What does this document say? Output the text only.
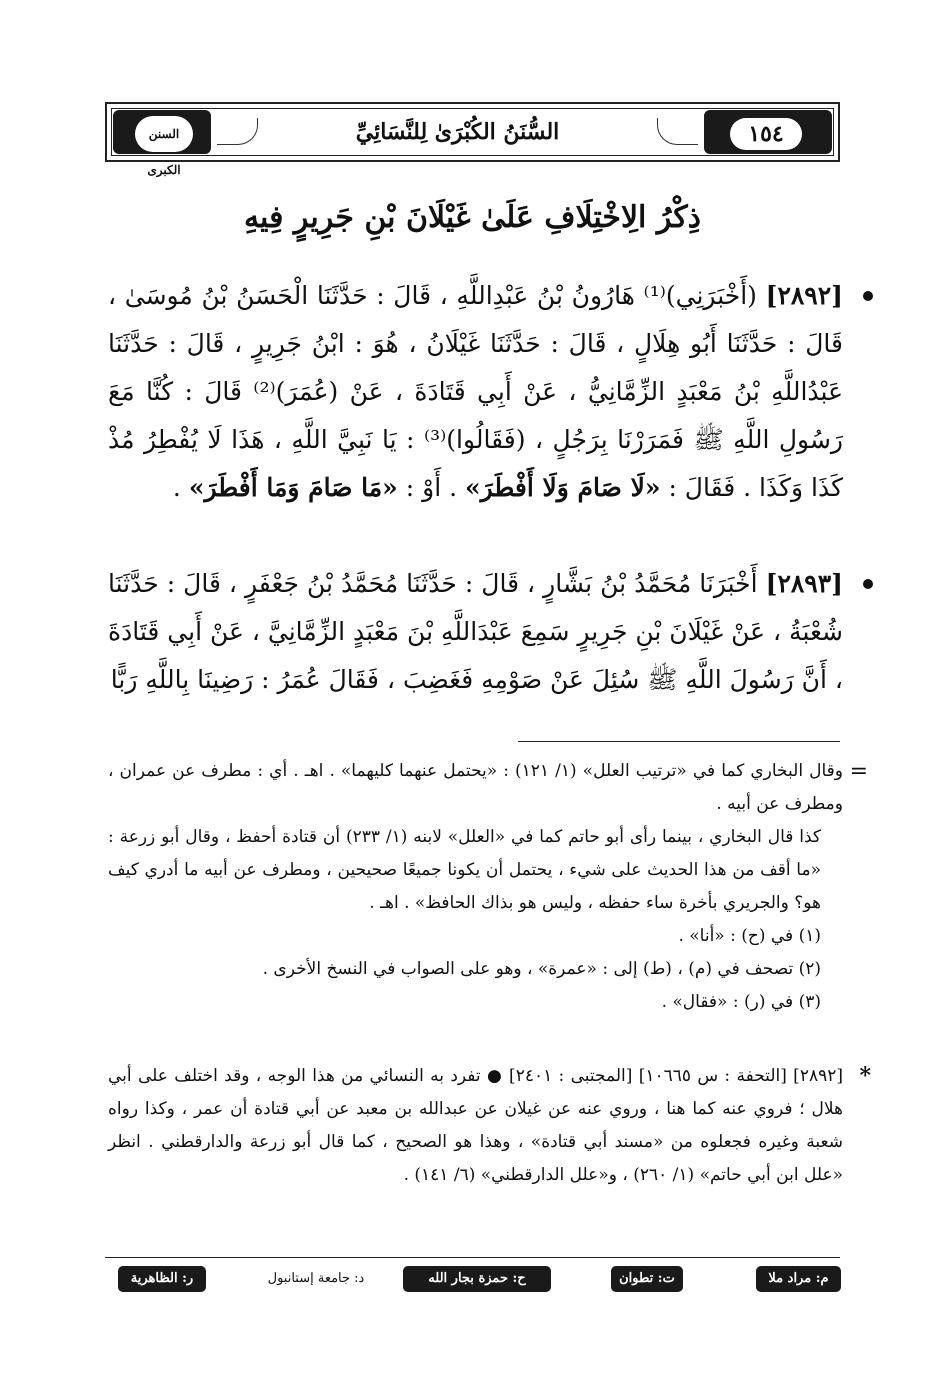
١٥٤
السُّنَنُ الكُبْرَىٰ لِلنَّسَائِيِّ
السنن الكبرى
ذِكْرُ الِاخْتِلَافِ عَلَىٰ غَيْلَانَ بْنِ جَرِيرٍ فِيهِ
[٢٨٩٢] (أَخْبَرَنِي)⁽¹⁾ هَارُونُ بْنُ عَبْدِاللَّهِ ، قَالَ : حَدَّثَنَا الْحَسَنُ بْنُ مُوسَىٰ ، قَالَ : حَدَّثَنَا أَبُو هِلَالٍ ، قَالَ : حَدَّثَنَا غَيْلَانُ ، هُوَ : ابْنُ جَرِيرٍ ، قَالَ : حَدَّثَنَا عَبْدُاللَّهِ بْنُ مَعْبَدٍ الزِّمَّانِيُّ ، عَنْ أَبِي قَتَادَةَ ، عَنْ (عُمَرَ)⁽²⁾ قَالَ : كُنَّا مَعَ رَسُولِ اللَّهِ ﷺ فَمَرَرْنَا بِرَجُلٍ ، (فَقَالُوا)⁽³⁾ : يَا نَبِيَّ اللَّهِ ، هَذَا لَا يُفْطِرُ مُذْ كَذَا وَكَذَا . فَقَالَ : «لَا صَامَ وَلَا أَفْطَرَ» . أَوْ : «مَا صَامَ وَمَا أَفْطَرَ» .
[٢٨٩٣] أَخْبَرَنَا مُحَمَّدُ بْنُ بَشَّارٍ ، قَالَ : حَدَّثَنَا مُحَمَّدُ بْنُ جَعْفَرٍ ، قَالَ : حَدَّثَنَا شُعْبَةُ ، عَنْ غَيْلَانَ بْنِ جَرِيرٍ سَمِعَ عَبْدَاللَّهِ بْنَ مَعْبَدٍ الزِّمَّانِيَّ ، عَنْ أَبِي قَتَادَةَ ، أَنَّ رَسُولَ اللَّهِ ﷺ سُئِلَ عَنْ صَوْمِهِ فَغَضِبَ ، فَقَالَ عُمَرُ : رَضِينَا بِاللَّهِ رَبًّا
=

وقال البخاري كما في «ترتيب العلل» (١/ ١٢١) : «يحتمل عنهما كليهما» . اهـ . أي : مطرف عن عمران ، ومطرف عن أبيه .

كذا قال البخاري ، بينما رأى أبو حاتم كما في «العلل» لابنه (١/ ٢٣٣) أن قتادة أحفظ ، وقال أبو زرعة : «ما أقف من هذا الحديث على شيء ، يحتمل أن يكونا جميعًا صحيحين ، ومطرف عن أبيه ما أدري كيف هو؟ والجريري بأخرة ساء حفظه ، وليس هو بذاك الحافظ» . اهـ .

(١) في (ح) : «أنا» .

(٢) تصحف في (م) ، (ط) إلى : «عمرة» ، وهو على الصواب في النسخ الأخرى .

(٣) في (ر) : «فقال» .

*
[٢٨٩٢] [التحفة : س ١٠٦٦٥] [المجتبى : ٢٤٠١] ● تفرد به النسائي من هذا الوجه ، وقد اختلف على أبي هلال ؛ فروي عنه كما هنا ، وروي عنه عن غيلان عن عبدالله بن معبد عن أبي قتادة أن عمر ، وكذا رواه شعبة وغيره فجعلوه من «مسند أبي قتادة» ، وهذا هو الصحيح ، كما قال أبو زرعة والدارقطني . انظر «علل ابن أبي حاتم» (١/ ٢٦٠) ، و«علل الدارقطني» (٦/ ١٤١) .
م: مراد ملا
ت: تطوان
ح: حمزة بجار الله
د: جامعة إستانبول
ر: الظاهرية
